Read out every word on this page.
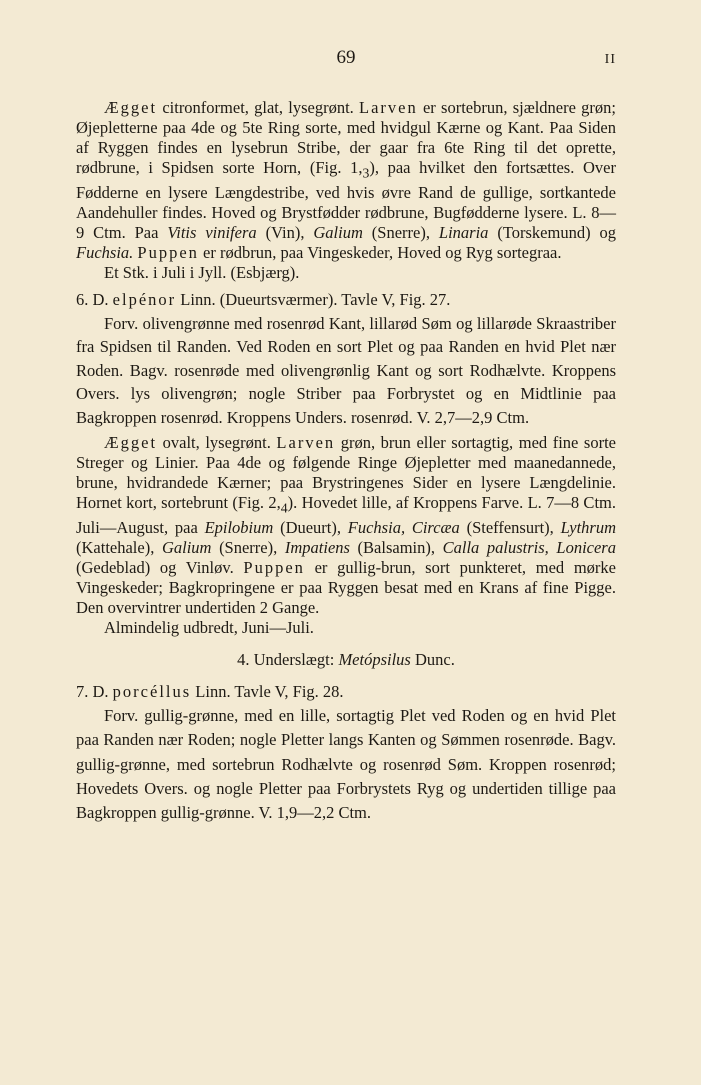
69	II

Ægget citronformet, glat, lysegrønt. Larven er sortebrun, sjældnere grøn; Øjepletterne paa 4de og 5te Ring sorte, med hvidgul Kærne og Kant. Paa Siden af Ryggen findes en lysebrun Stribe, der gaar fra 6te Ring til det oprette, rødbrune, i Spidsen sorte Horn, (Fig. $1,_3$), paa hvilket den fortsættes. Over Fødderne en lysere Længdestribe, ved hvis øvre Rand de gullige, sortkantede Aandehuller findes. Hoved og Brystfødder rødbrune, Bugfødderne lysere. L. 8—9 Ctm. Paa Vitis vinifera (Vin), Galium (Snerre), Linaria (Torskemund) og Fuchsia. Puppen er rødbrun, paa Vingeskeder, Hoved og Ryg sortegraa.

Et Stk. i Juli i Jyll. (Esbjærg).
6. D. elpénor Linn. (Dueurtsværmer). Tavle V, Fig. 27.

Forv. olivengrønne med rosenrød Kant, lillarød Søm og lillarøde Skraastriber fra Spidsen til Randen. Ved Roden en sort Plet og paa Randen en hvid Plet nær Roden. Bagv. rosenrøde med olivengrønlig Kant og sort Rodhælvte. Kroppens Overs. lys olivengrøn; nogle Striber paa Forbrystet og en Midtlinie paa Bagkroppen rosenrød. Kroppens Unders. rosenrød. V. 2,7—2,9 Ctm.

Ægget ovalt, lysegrønt. Larven grøn, brun eller sortagtig, med fine sorte Streger og Linier. Paa 4de og følgende Ringe Øjepletter med maanedannede, brune, hvidrandede Kærner; paa Brystringenes Sider en lysere Længdelinie. Hornet kort, sortebrunt (Fig. $2,_4$). Hovedet lille, af Kroppens Farve. L. 7—8 Ctm. Juli—August, paa Epilobium (Dueurt), Fuchsia, Circæa (Steffensurt), Lythrum (Kattehale), Galium (Snerre), Impatiens (Balsamin), Calla palustris, Lonicera (Gedeblad) og Vinløv. Puppen er gullig-brun, sort punkteret, med mørke Vingeskeder; Bagkropringene er paa Ryggen besat med en Krans af fine Pigge. Den overvintrer undertiden 2 Gange.

Almindelig udbredt, Juni—Juli.
4. Underslægt: Metópsilus Dunc.
7. D. porcéllus Linn. Tavle V, Fig. 28.

Forv. gullig-grønne, med en lille, sortagtig Plet ved Roden og en hvid Plet paa Randen nær Roden; nogle Pletter langs Kanten og Sømmen rosenrøde. Bagv. gullig-grønne, med sortebrun Rodhælvte og rosenrød Søm. Kroppen rosenrød; Hovedets Overs. og nogle Pletter paa Forbrystets Ryg og undertiden tillige paa Bagkroppen gullig-grønne. V. 1,9—2,2 Ctm.
